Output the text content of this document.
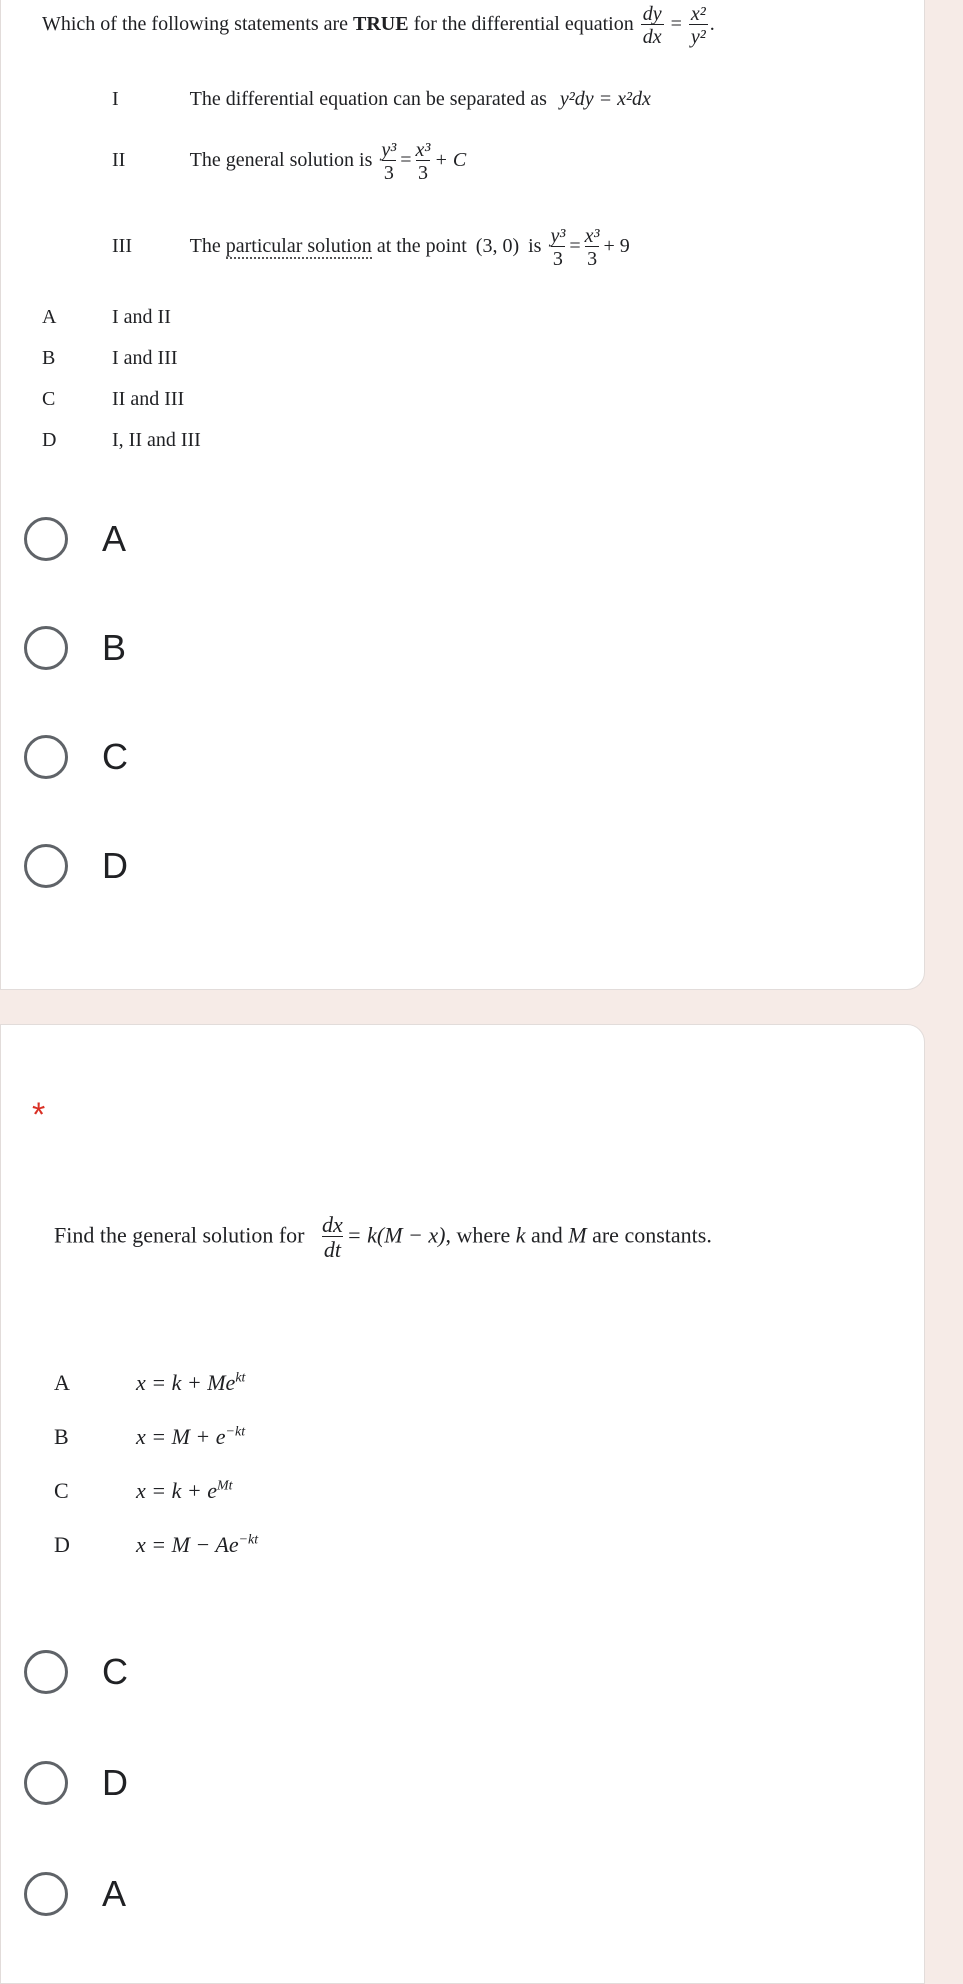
Which of the following statements are TRUE for the differential equation $\frac{dy}{dx} = \frac{\text{x²}}{\text{y²}}$ .
I	The differential equation can be separated as y²dy = x²dx
II	The general solution is $\frac{\text{y³}}{3} = \frac{\text{x³}}{3} + C$
III	The particular solution at the point (3, 0) is $\frac{\text{y³}}{3} = \frac{\text{x³}}{3} + 9$
A	I and II
B	I and III
C	II and III
D	I, II and III
A
B
C
D
*
Find the general solution for $\frac{dx}{dt} = k(M - x)$, where k and M are constants.
A	$x = k + Me^{kt}$
B	$x = M + e^{-kt}$
C	$x = k + e^{Mt}$
D	$x = M - Ae^{-kt}$
C
D
A
